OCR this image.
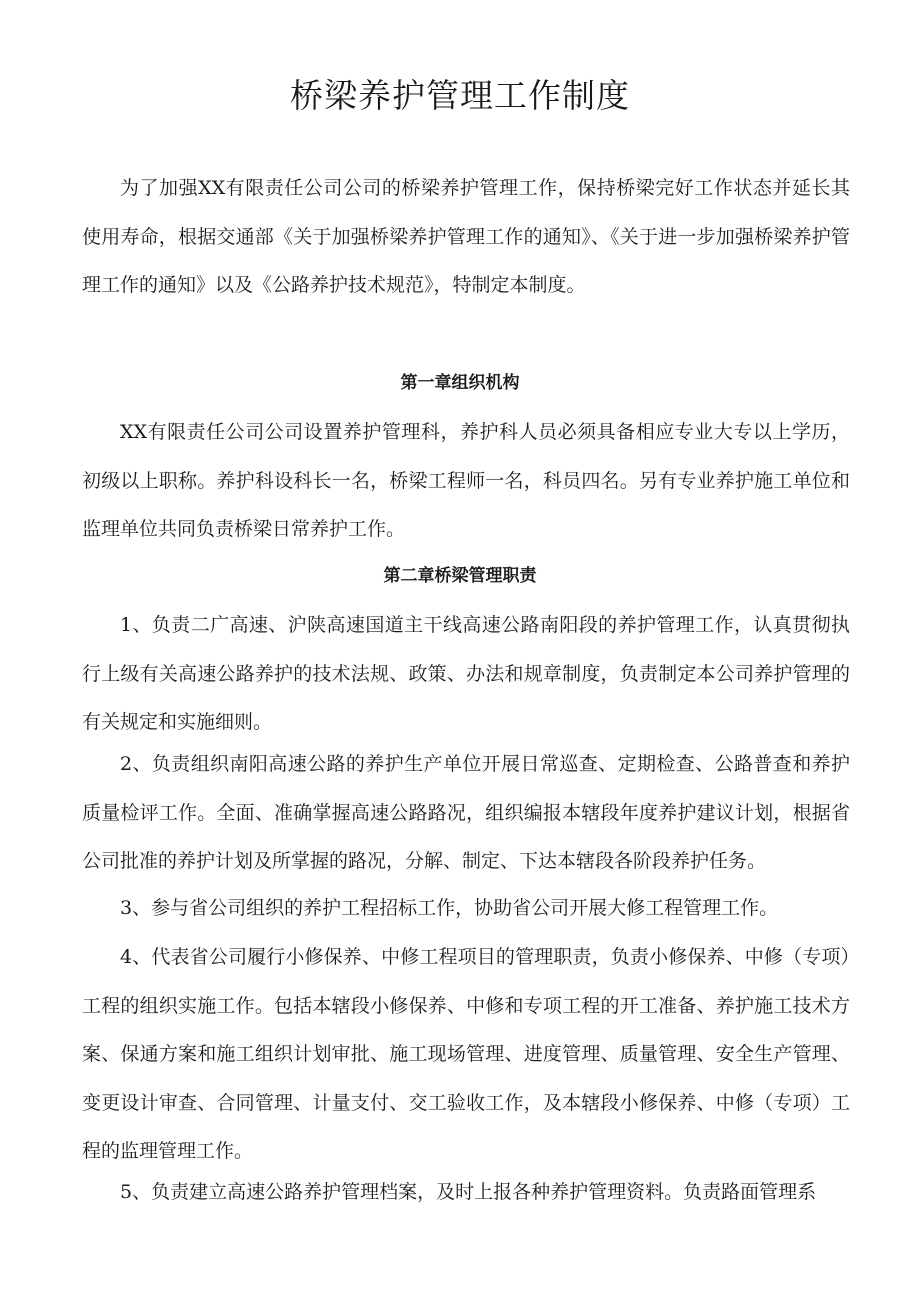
桥梁养护管理工作制度

为了加强XX有限责任公司公司的桥梁养护管理工作，保持桥梁完好工作状态并延长其使用寿命，根据交通部《关于加强桥梁养护管理工作的通知》、《关于进一步加强桥梁养护管理工作的通知》以及《公路养护技术规范》，特制定本制度。

第一章组织机构

XX有限责任公司公司设置养护管理科，养护科人员必须具备相应专业大专以上学历，初级以上职称。养护科设科长一名，桥梁工程师一名，科员四名。另有专业养护施工单位和监理单位共同负责桥梁日常养护工作。

第二章桥梁管理职责

1、负责二广高速、沪陕高速国道主干线高速公路南阳段的养护管理工作，认真贯彻执行上级有关高速公路养护的技术法规、政策、办法和规章制度，负责制定本公司养护管理的有关规定和实施细则。

2、负责组织南阳高速公路的养护生产单位开展日常巡查、定期检查、公路普查和养护质量检评工作。全面、准确掌握高速公路路况，组织编报本辖段年度养护建议计划，根据省公司批准的养护计划及所掌握的路况，分解、制定、下达本辖段各阶段养护任务。

3、参与省公司组织的养护工程招标工作，协助省公司开展大修工程管理工作。

4、代表省公司履行小修保养、中修工程项目的管理职责，负责小修保养、中修（专项）工程的组织实施工作。包括本辖段小修保养、中修和专项工程的开工准备、养护施工技术方案、保通方案和施工组织计划审批、施工现场管理、进度管理、质量管理、安全生产管理、变更设计审查、合同管理、计量支付、交工验收工作，及本辖段小修保养、中修（专项）工程的监理管理工作。

5、负责建立高速公路养护管理档案，及时上报各种养护管理资料。负责路面管理系
